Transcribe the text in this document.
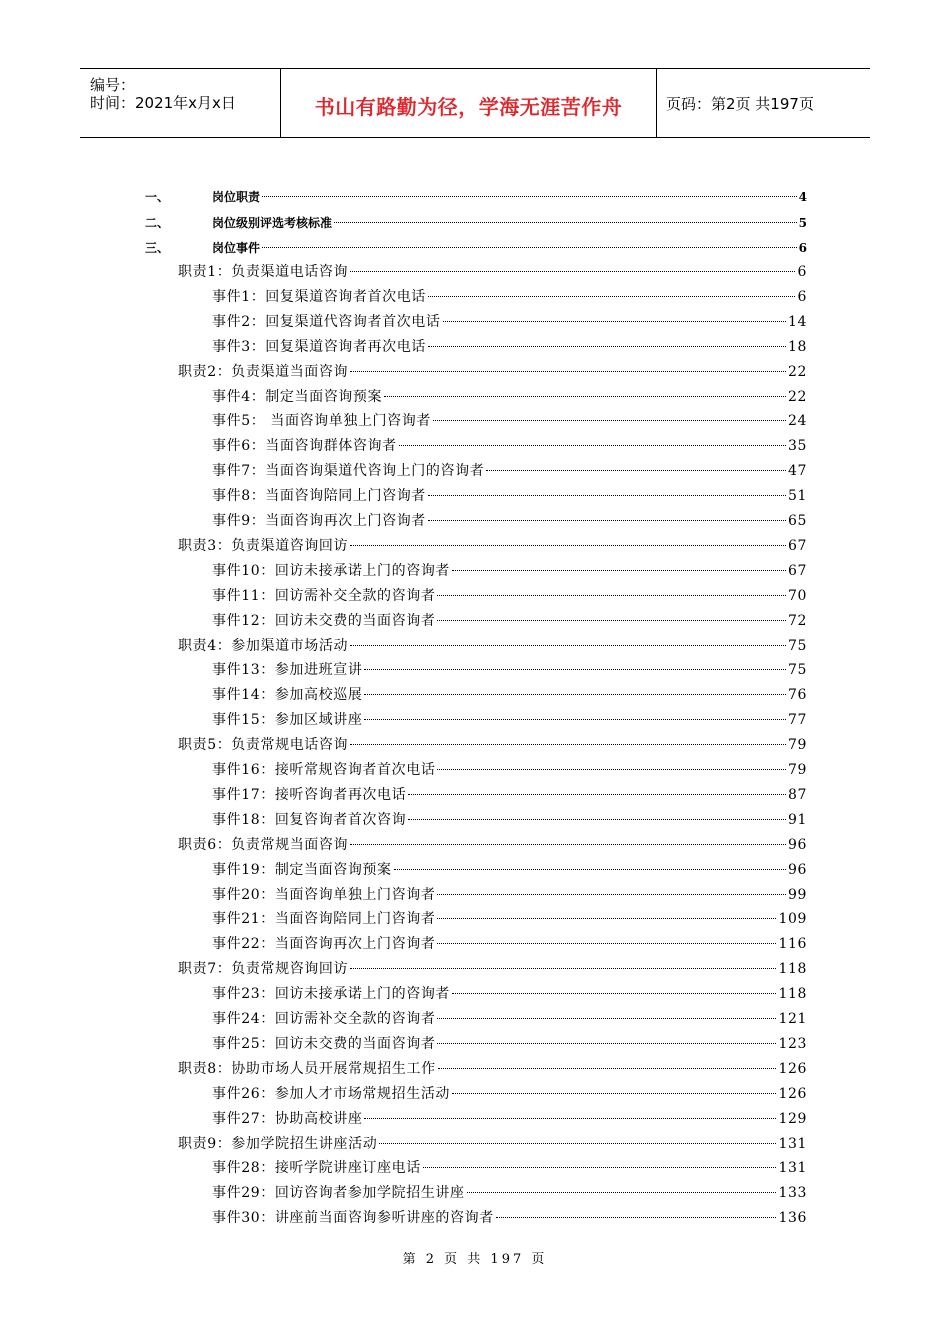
编号：
时间：2021年x月x日	书山有路勤为径，学海无涯苦作舟	页码：第2页 共197页
一、	岗位职责	4
二、	岗位级别评选考核标准	5
三、	岗位事件	6
职责1：负责渠道电话咨询	6
事件1：回复渠道咨询者首次电话	6
事件2：回复渠道代咨询者首次电话	14
事件3：回复渠道咨询者再次电话	18
职责2：负责渠道当面咨询	22
事件4：制定当面咨询预案	22
事件5： 当面咨询单独上门咨询者	24
事件6：当面咨询群体咨询者	35
事件7：当面咨询渠道代咨询上门的咨询者	47
事件8：当面咨询陪同上门咨询者	51
事件9：当面咨询再次上门咨询者	65
职责3：负责渠道咨询回访	67
事件10：回访未接承诺上门的咨询者	67
事件11：回访需补交全款的咨询者	70
事件12：回访未交费的当面咨询者	72
职责4：参加渠道市场活动	75
事件13：参加进班宣讲	75
事件14：参加高校巡展	76
事件15：参加区域讲座	77
职责5：负责常规电话咨询	79
事件16：接听常规咨询者首次电话	79
事件17：接听咨询者再次电话	87
事件18：回复咨询者首次咨询	91
职责6：负责常规当面咨询	96
事件19：制定当面咨询预案	96
事件20：当面咨询单独上门咨询者	99
事件21：当面咨询陪同上门咨询者	109
事件22：当面咨询再次上门咨询者	116
职责7：负责常规咨询回访	118
事件23：回访未接承诺上门的咨询者	118
事件24：回访需补交全款的咨询者	121
事件25：回访未交费的当面咨询者	123
职责8：协助市场人员开展常规招生工作	126
事件26：参加人才市场常规招生活动	126
事件27：协助高校讲座	129
职责9：参加学院招生讲座活动	131
事件28：接听学院讲座订座电话	131
事件29：回访咨询者参加学院招生讲座	133
事件30：讲座前当面咨询参听讲座的咨询者	136
第 2 页 共 197 页
